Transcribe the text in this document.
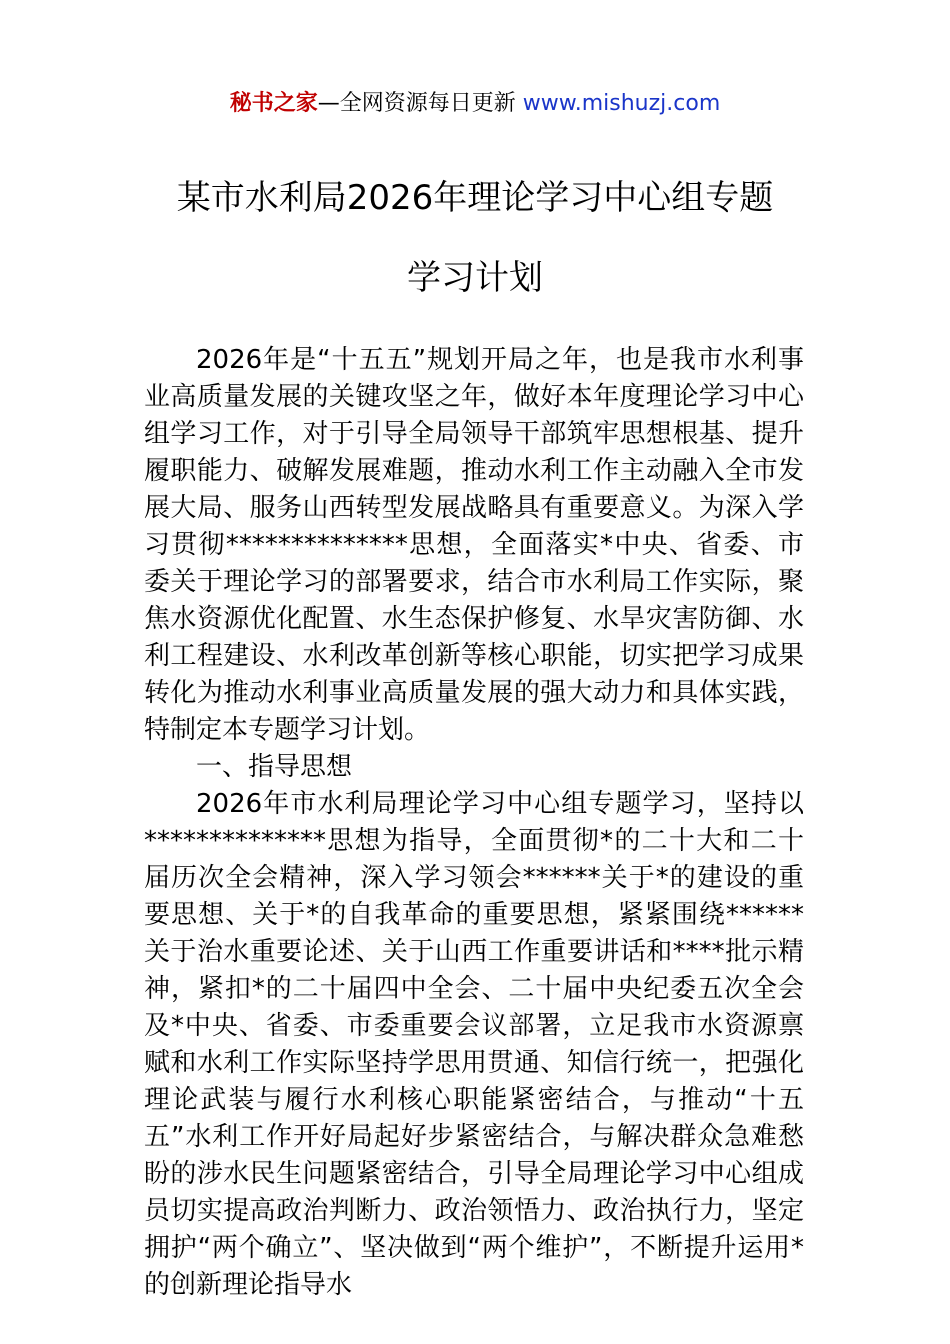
秘书之家—全网资源每日更新 www.mishuzj.com
某市水利局2026年理论学习中心组专题
学习计划

2026年是“十五五”规划开局之年，也是我市水利事业高质量发展的关键攻坚之年，做好本年度理论学习中心组学习工作，对于引导全局领导干部筑牢思想根基、提升履职能力、破解发展难题，推动水利工作主动融入全市发展大局、服务山西转型发展战略具有重要意义。为深入学习贯彻**************思想，全面落实*中央、省委、市委关于理论学习的部署要求，结合市水利局工作实际，聚焦水资源优化配置、水生态保护修复、水旱灾害防御、水利工程建设、水利改革创新等核心职能，切实把学习成果转化为推动水利事业高质量发展的强大动力和具体实践，特制定本专题学习计划。

一、指导思想

2026年市水利局理论学习中心组专题学习，坚持以**************思想为指导，全面贯彻*的二十大和二十届历次全会精神，深入学习领会******关于*的建设的重要思想、关于*的自我革命的重要思想，紧紧围绕******关于治水重要论述、关于山西工作重要讲话和****批示精神，紧扣*的二十届四中全会、二十届中央纪委五次全会及*中央、省委、市委重要会议部署，立足我市水资源禀赋和水利工作实际坚持学思用贯通、知信行统一，把强化理论武装与履行水利核心职能紧密结合，与推动“十五五”水利工作开好局起好步紧密结合，与解决群众急难愁盼的涉水民生问题紧密结合，引导全局理论学习中心组成员切实提高政治判断力、政治领悟力、政治执行力，坚定拥护“两个确立”、坚决做到“两个维护”，不断提升运用*的创新理论指导水
